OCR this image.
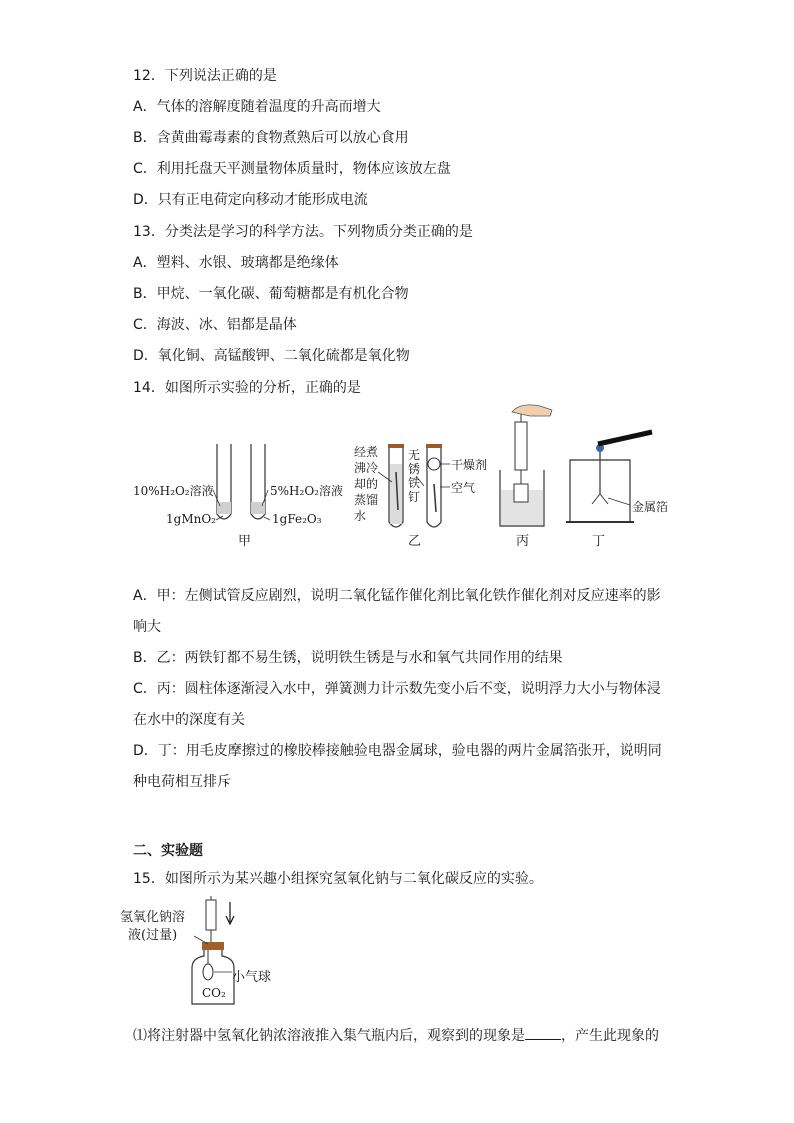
12．下列说法正确的是
A．气体的溶解度随着温度的升高而增大
B．含黄曲霉毒素的食物煮熟后可以放心食用
C．利用托盘天平测量物体质量时，物体应该放左盘
D．只有正电荷定向移动才能形成电流
13．分类法是学习的科学方法。下列物质分类正确的是
A．塑料、水银、玻璃都是绝缘体
B．甲烷、一氧化碳、葡萄糖都是有机化合物
C．海波、冰、铝都是晶体
D．氧化铜、高锰酸钾、二氧化硫都是氧化物
14．如图所示实验的分析，正确的是
10%H₂O₂溶液	5%H₂O₂溶液
1gMnO₂	1gFe₂O₃
甲
经煮
沸冷
却的
蒸馏
水
无
锈
铁
钉
干燥剂
空气
乙	丙
金属箔
丁
A．甲：左侧试管反应剧烈，说明二氧化锰作催化剂比氧化铁作催化剂对反应速率的影
响大
B．乙：两铁钉都不易生锈，说明铁生锈是与水和氧气共同作用的结果
C．丙：圆柱体逐渐浸入水中，弹簧测力计示数先变小后不变，说明浮力大小与物体浸
在水中的深度有关
D．丁：用毛皮摩擦过的橡胶棒接触验电器金属球，验电器的两片金属箔张开，说明同
种电荷相互排斥
二、实验题
15．如图所示为某兴趣小组探究氢氧化钠与二氧化碳反应的实验。
氢氧化钠溶
液(过量)
小气球
CO₂
⑴将注射器中氢氧化钠浓溶液推入集气瓶内后，观察到的现象是	，产生此现象的
